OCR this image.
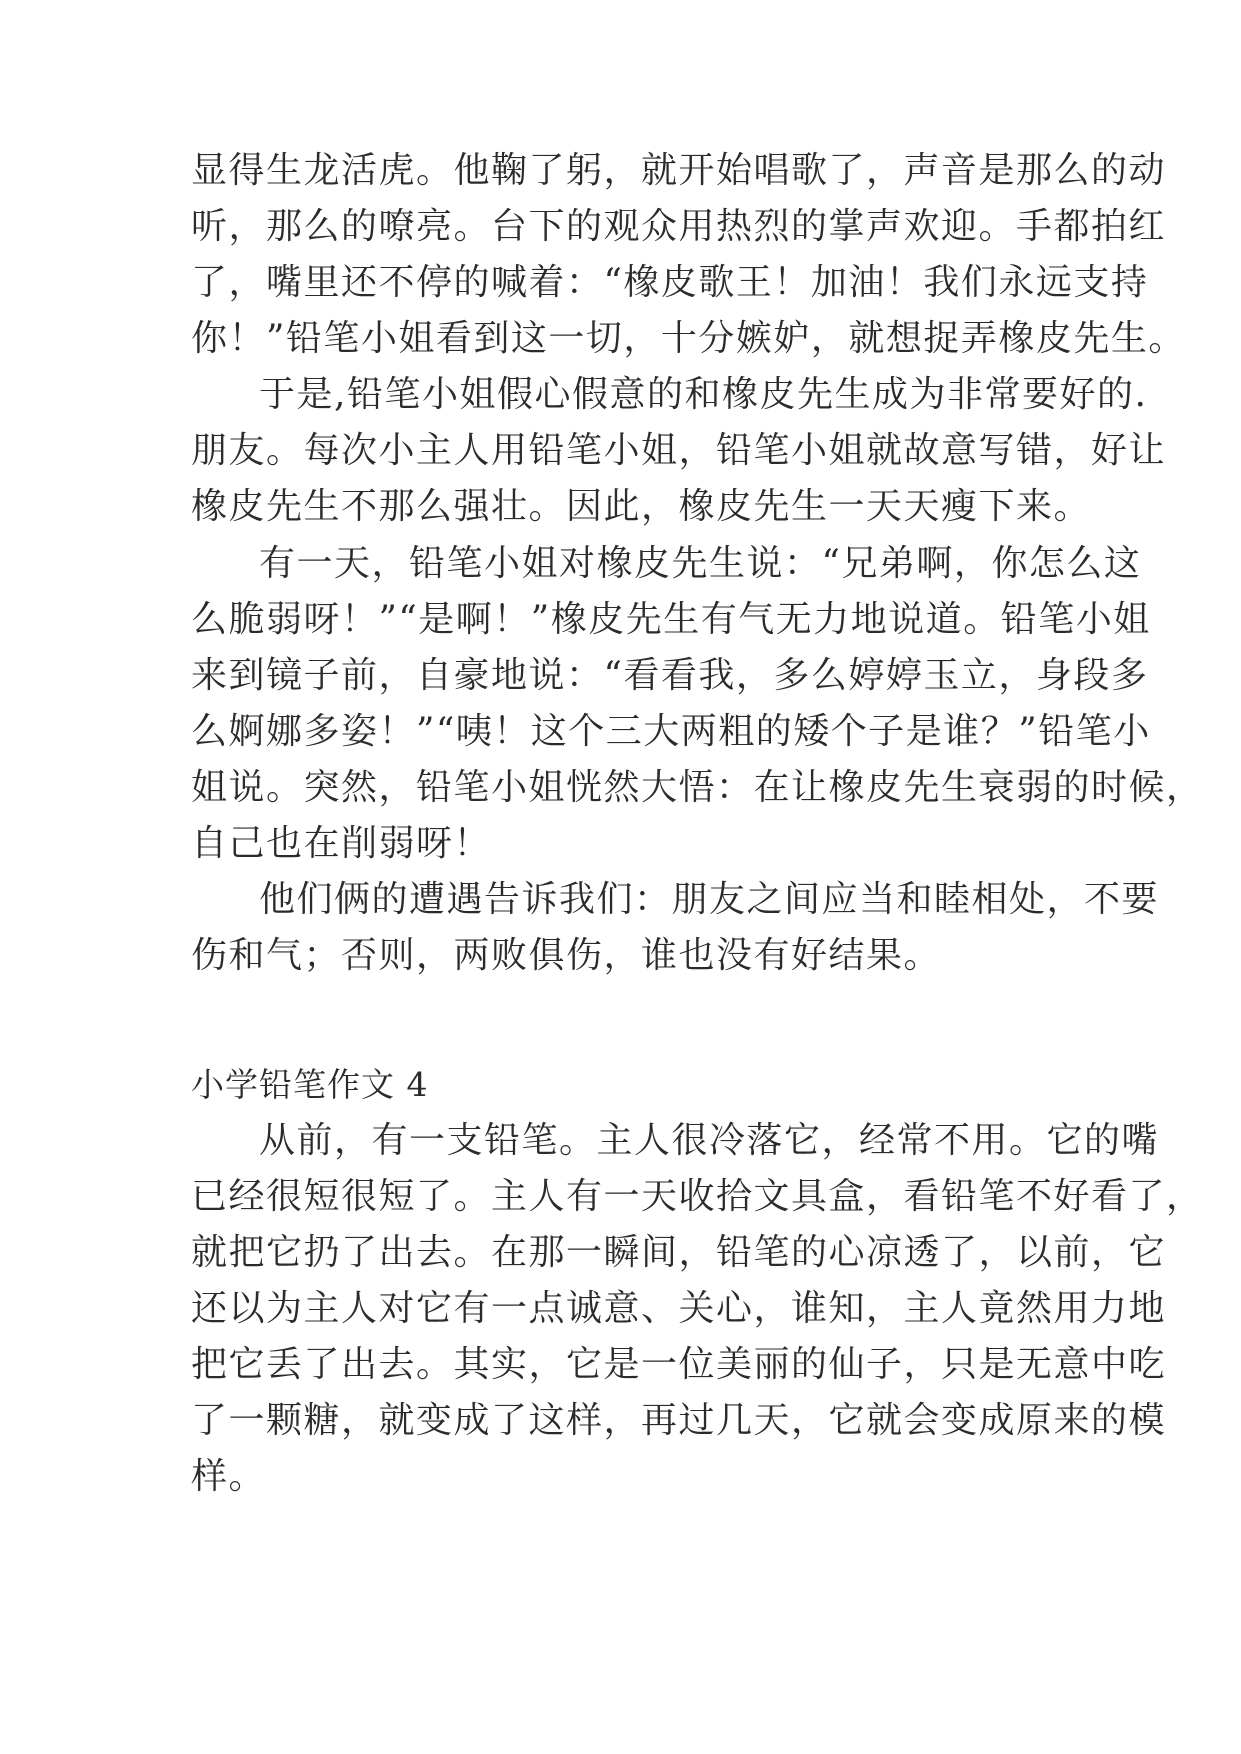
显得生龙活虎。他鞠了躬，就开始唱歌了，声音是那么的动
听，那么的嘹亮。台下的观众用热烈的掌声欢迎。手都拍红
了，嘴里还不停的喊着：“橡皮歌王！加油！我们永远支持
你！”铅笔小姐看到这一切，十分嫉妒，就想捉弄橡皮先生。
于是,铅笔小姐假心假意的和橡皮先生成为非常要好的.
朋友。每次小主人用铅笔小姐，铅笔小姐就故意写错，好让
橡皮先生不那么强壮。因此，橡皮先生一天天瘦下来。
有一天，铅笔小姐对橡皮先生说：“兄弟啊，你怎么这
么脆弱呀！”“是啊！”橡皮先生有气无力地说道。铅笔小姐
来到镜子前，自豪地说：“看看我，多么婷婷玉立，身段多
么婀娜多姿！”“咦！这个三大两粗的矮个子是谁？”铅笔小
姐说。突然，铅笔小姐恍然大悟：在让橡皮先生衰弱的时候，
自己也在削弱呀！
他们俩的遭遇告诉我们：朋友之间应当和睦相处，不要
伤和气；否则，两败俱伤，谁也没有好结果。
小学铅笔作文 4
从前，有一支铅笔。主人很冷落它，经常不用。它的嘴
已经很短很短了。主人有一天收拾文具盒，看铅笔不好看了，
就把它扔了出去。在那一瞬间，铅笔的心凉透了，以前，它
还以为主人对它有一点诚意、关心，谁知，主人竟然用力地
把它丢了出去。其实，它是一位美丽的仙子，只是无意中吃
了一颗糖，就变成了这样，再过几天，它就会变成原来的模
样。
